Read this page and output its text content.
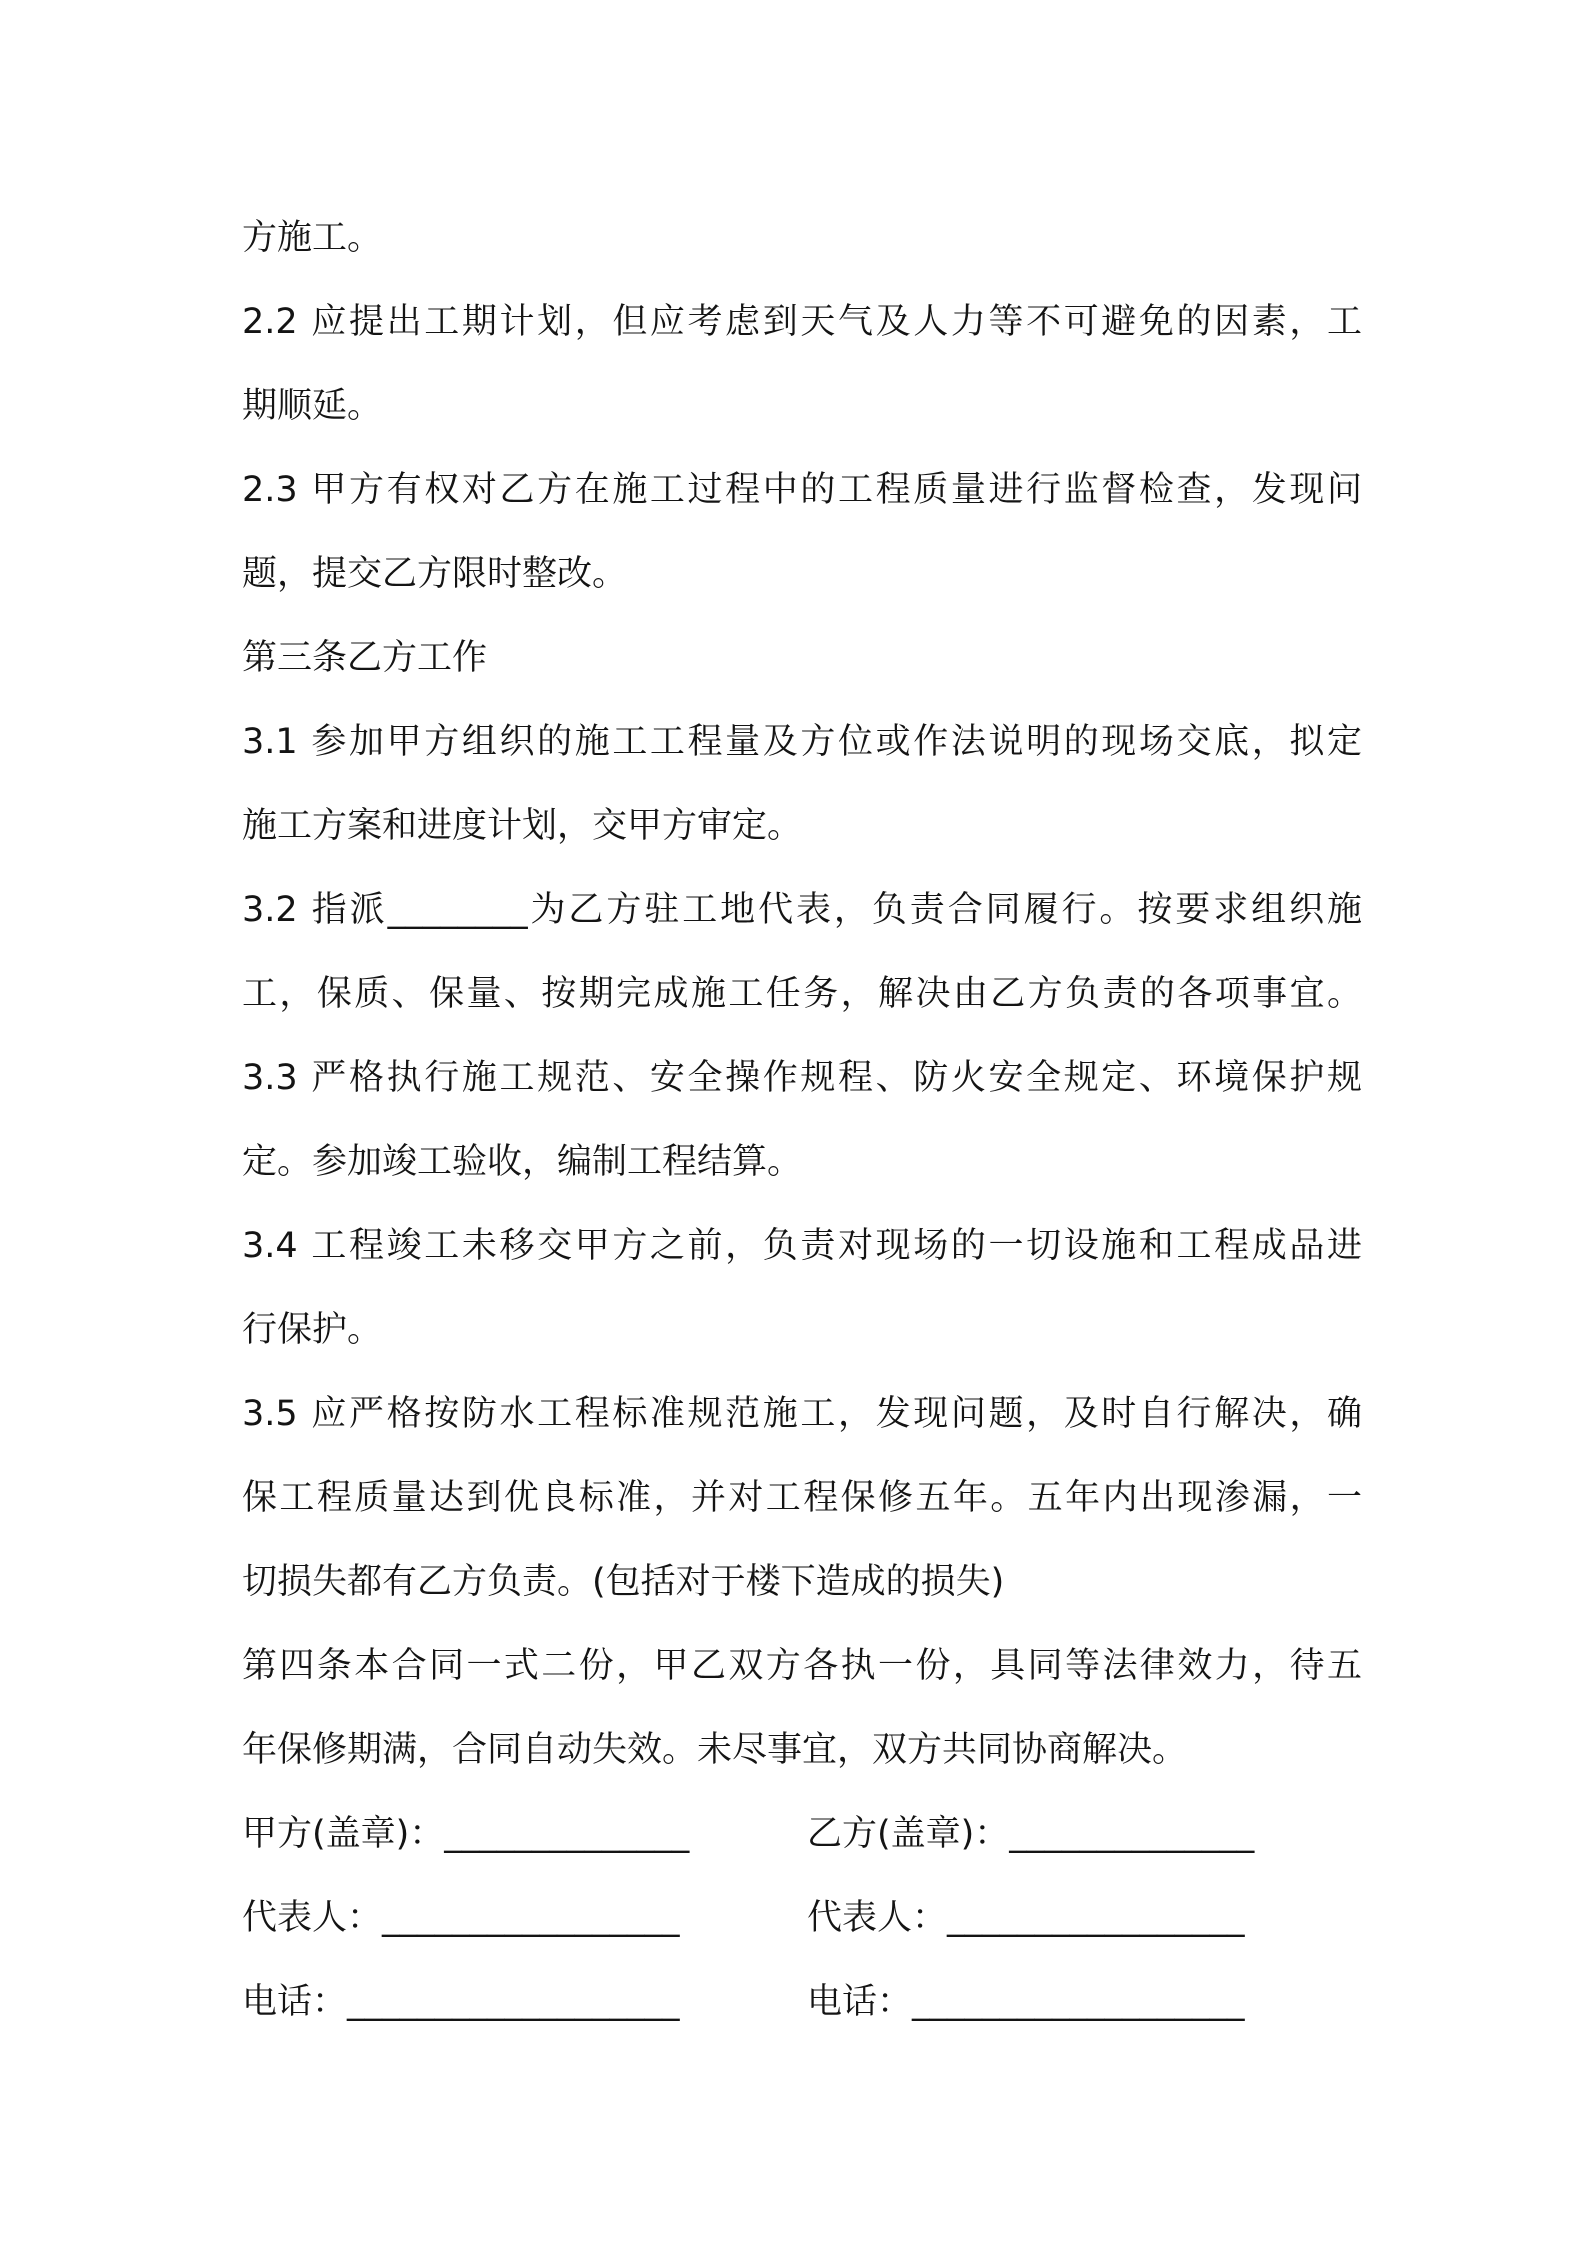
方施工。
2.2 应提出工期计划，但应考虑到天气及人力等不可避免的因素，工
期顺延。
2.3 甲方有权对乙方在施工过程中的工程质量进行监督检查，发现问
题，提交乙方限时整改。
第三条乙方工作
3.1 参加甲方组织的施工工程量及方位或作法说明的现场交底，拟定
施工方案和进度计划，交甲方审定。
3.2 指派________为乙方驻工地代表，负责合同履行。按要求组织施
工，保质、保量、按期完成施工任务，解决由乙方负责的各项事宜。
3.3 严格执行施工规范、安全操作规程、防火安全规定、环境保护规
定。参加竣工验收，编制工程结算。
3.4 工程竣工未移交甲方之前，负责对现场的一切设施和工程成品进
行保护。
3.5 应严格按防水工程标准规范施工，发现问题，及时自行解决，确
保工程质量达到优良标准，并对工程保修五年。五年内出现渗漏，一
切损失都有乙方负责。(包括对于楼下造成的损失)
第四条本合同一式二份，甲乙双方各执一份，具同等法律效力，待五
年保修期满，合同自动失效。未尽事宜，双方共同协商解决。
甲方(盖章)：______________	乙方(盖章)：______________
代表人：_________________	代表人：_________________
电话：___________________	电话：___________________
